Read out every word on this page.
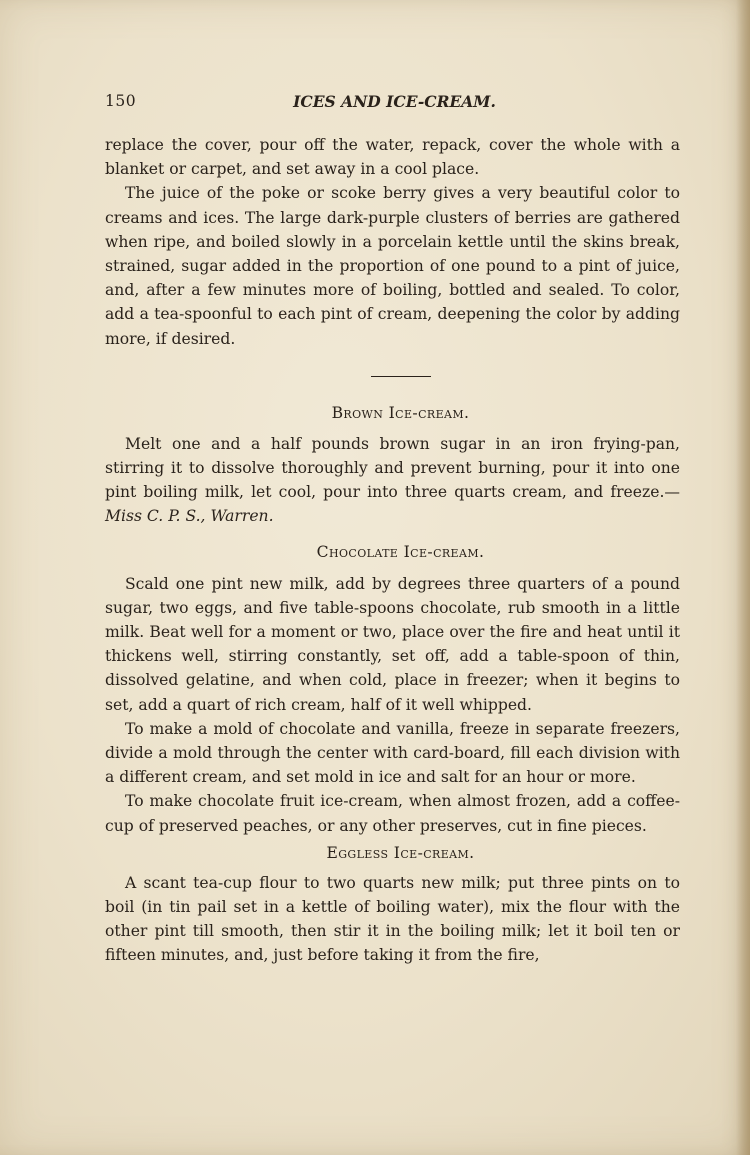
150	ICES AND ICE-CREAM.

replace the cover, pour off the water, repack, cover the whole with a blanket or carpet, and set away in a cool place.

The juice of the poke or scoke berry gives a very beautiful color to creams and ices. The large dark-purple clusters of berries are gathered when ripe, and boiled slowly in a porcelain kettle until the skins break, strained, sugar added in the proportion of one pound to a pint of juice, and, after a few minutes more of boiling, bottled and sealed. To color, add a tea-spoonful to each pint of cream, deepening the color by adding more, if desired.

Brown Ice-cream.

Melt one and a half pounds brown sugar in an iron frying-pan, stirring it to dissolve thoroughly and prevent burning, pour it into one pint boiling milk, let cool, pour into three quarts cream, and freeze.—Miss C. P. S., Warren.

Chocolate Ice-cream.

Scald one pint new milk, add by degrees three quarters of a pound sugar, two eggs, and five table-spoons chocolate, rub smooth in a little milk. Beat well for a moment or two, place over the fire and heat until it thickens well, stirring constantly, set off, add a table-spoon of thin, dissolved gelatine, and when cold, place in freezer; when it begins to set, add a quart of rich cream, half of it well whipped.

To make a mold of chocolate and vanilla, freeze in separate freezers, divide a mold through the center with card-board, fill each division with a different cream, and set mold in ice and salt for an hour or more.

To make chocolate fruit ice-cream, when almost frozen, add a coffee-cup of preserved peaches, or any other preserves, cut in fine pieces.

Eggless Ice-cream.

A scant tea-cup flour to two quarts new milk; put three pints on to boil (in tin pail set in a kettle of boiling water), mix the flour with the other pint till smooth, then stir it in the boiling milk; let it boil ten or fifteen minutes, and, just before taking it from the fire,
